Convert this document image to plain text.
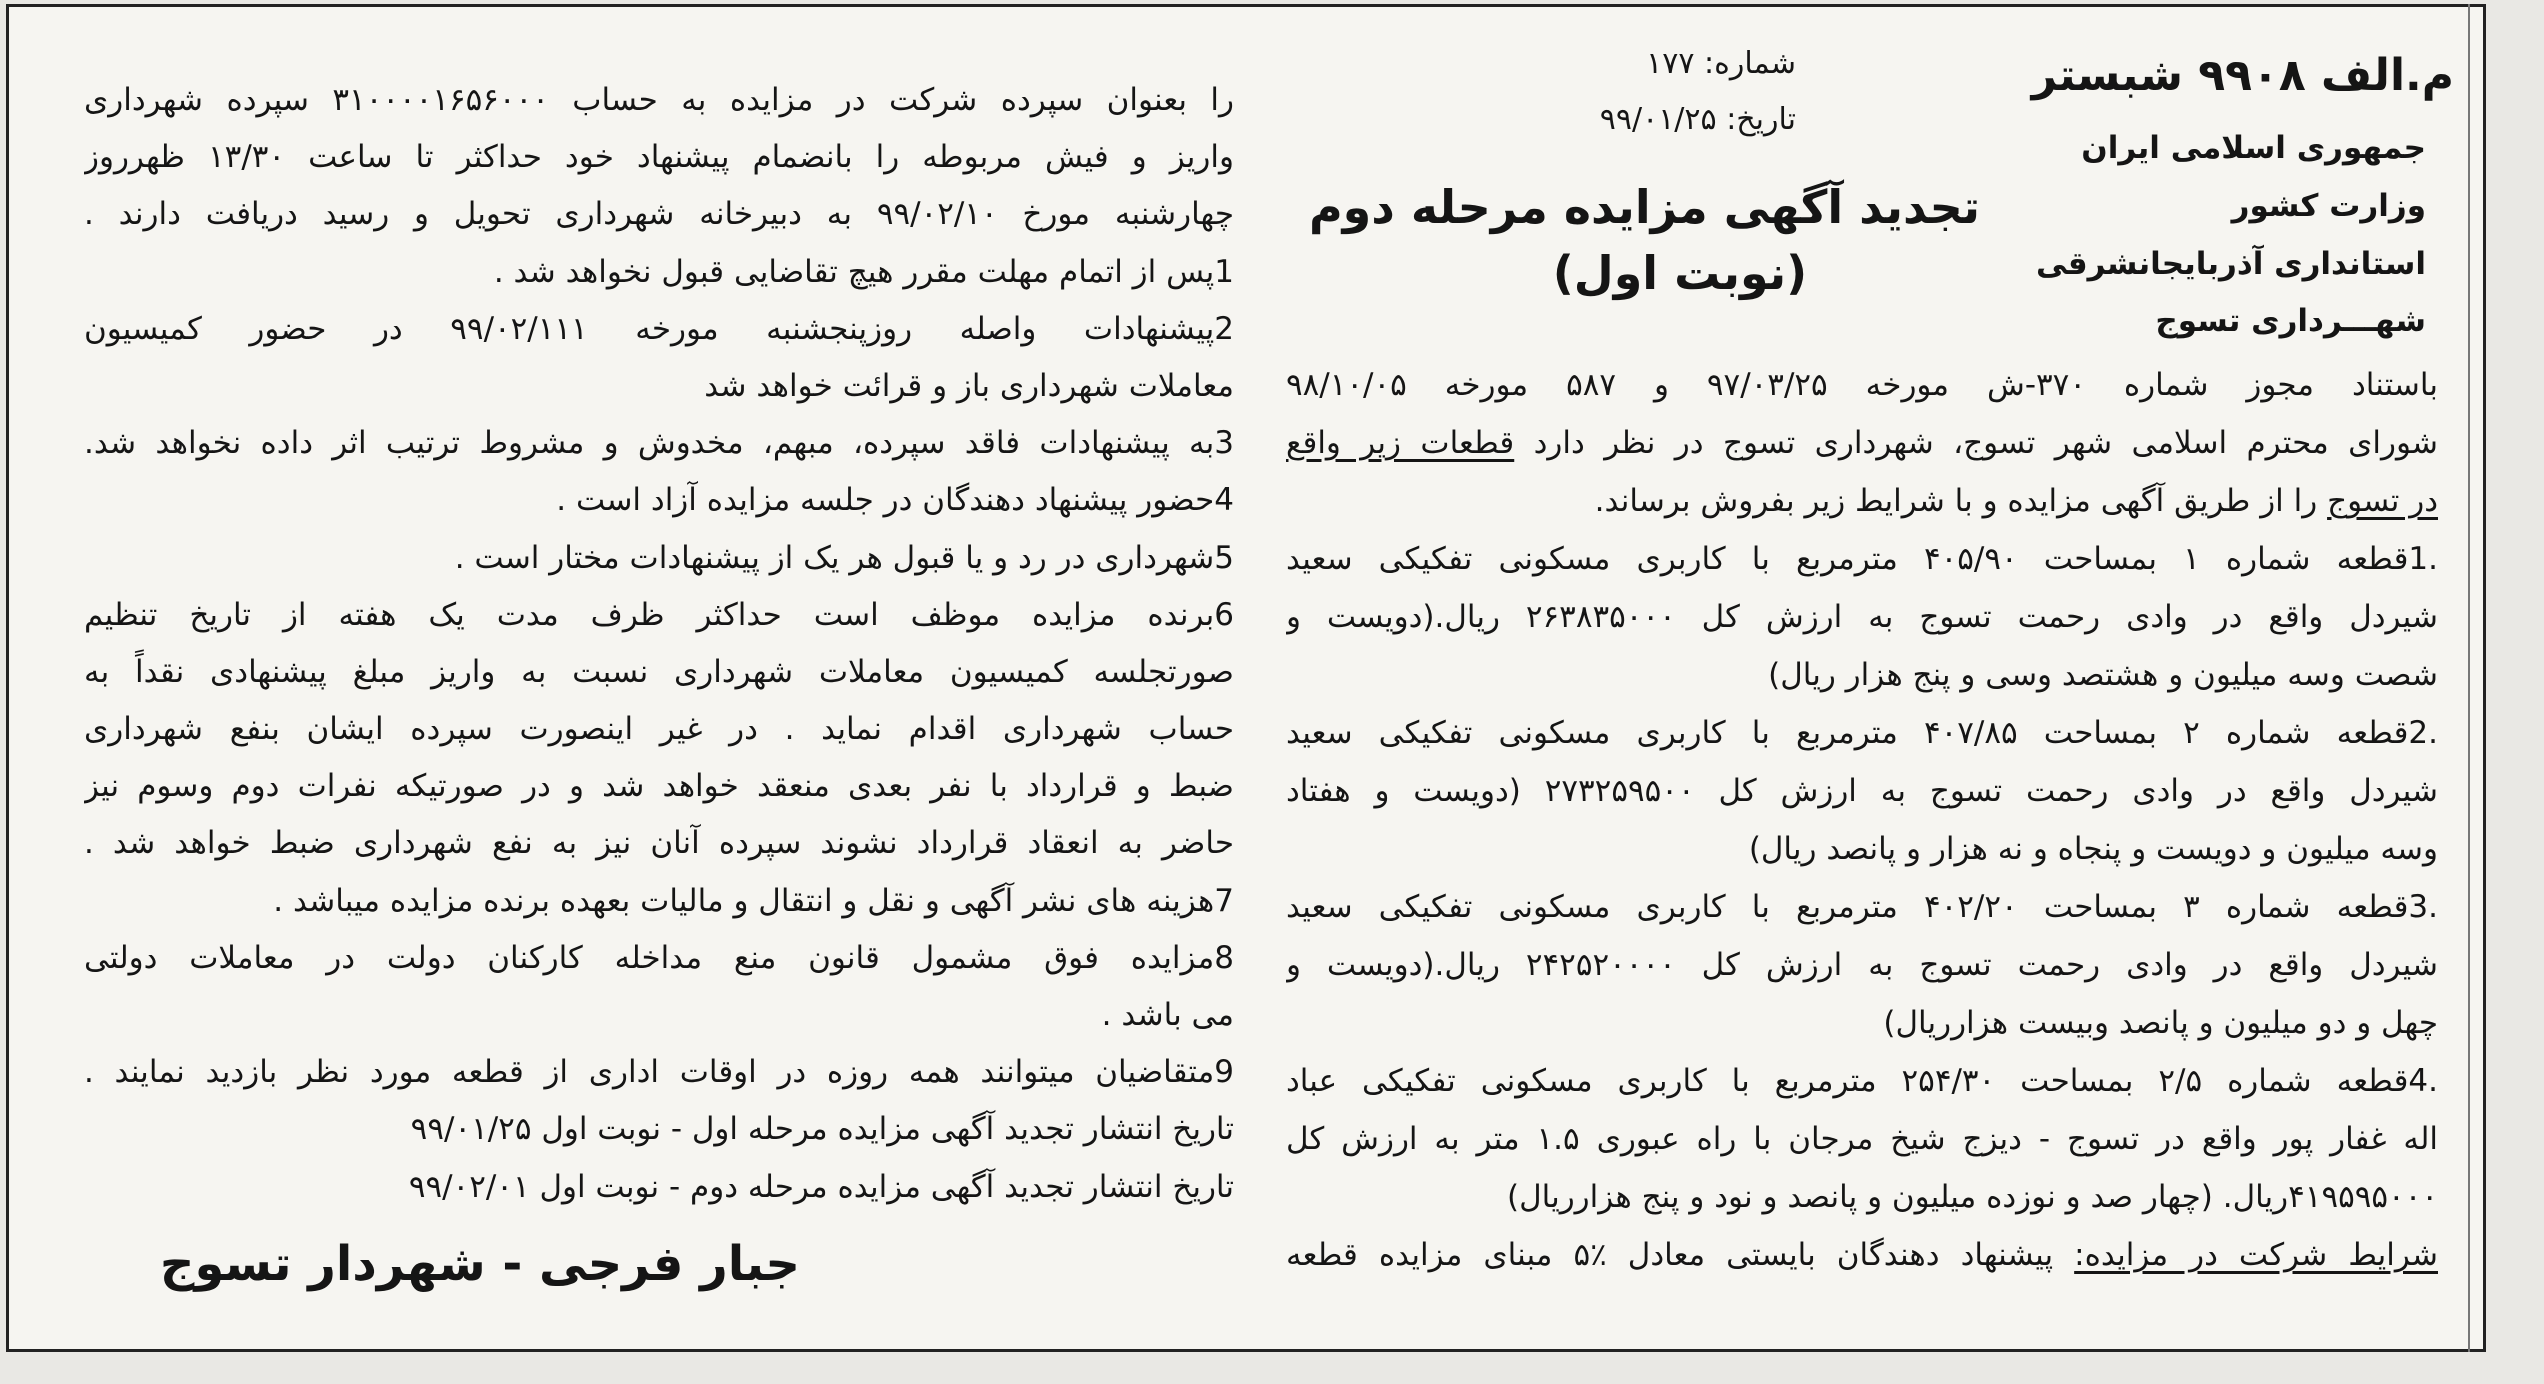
م.الف ۹۹۰۸ شبستر
شماره: ۱۷۷
تاریخ: ۹۹/۰۱/۲۵
جمهوری اسلامی ایران
وزارت کشور
استانداری آذربایجانشرقی
شهـــرداری تسوج
تجدید آگهی مزایده مرحله دوم
(نوبت اول)
باستناد مجوز شماره ۳۷۰-ش مورخه ۹۷/۰۳/۲۵ و ۵۸۷ مورخه ۹۸/۱۰/۰۵
شورای محترم اسلامی شهر تسوج، شهرداری تسوج در نظر دارد قطعات زیر واقع
در تسوج را از طریق آگهی مزایده و با شرایط زیر بفروش برساند.
.1قطعه شماره ۱ بمساحت ۴۰۵/۹۰ مترمربع با کاربری مسکونی تفکیکی سعید
شیردل واقع در وادی رحمت تسوج به ارزش کل ۲۶۳۸۳۵۰۰۰ ریال.(دویست و
شصت وسه میلیون و هشتصد وسی و پنج هزار ریال)
.2قطعه شماره ۲ بمساحت ۴۰۷/۸۵ مترمربع با کاربری مسکونی تفکیکی سعید
شیردل واقع در وادی رحمت تسوج به ارزش کل ۲۷۳۲۵۹۵۰۰ (دویست و هفتاد
وسه میلیون و دویست و پنجاه و نه هزار و پانصد ریال)
.3قطعه شماره ۳ بمساحت ۴۰۲/۲۰ مترمربع با کاربری مسکونی تفکیکی سعید
شیردل واقع در وادی رحمت تسوج به ارزش کل ۲۴۲۵۲۰۰۰۰ ریال.(دویست و
چهل و دو میلیون و پانصد وبیست هزارریال)
.4قطعه شماره ۲/۵ بمساحت ۲۵۴/۳۰ مترمربع با کاربری مسکونی تفکیکی عباد
اله غفار پور واقع در تسوج - دیزج شیخ مرجان با راه عبوری ۱.۵ متر به ارزش کل
۴۱۹۵۹۵۰۰۰ریال. (چهار صد و نوزده میلیون و پانصد و نود و پنج هزارریال)
شرایط شرکت در مزایده: پیشنهاد دهندگان بایستی معادل ٪۵ مبنای مزایده قطعه
را بعنوان سپرده شرکت در مزایده به حساب ۳۱۰۰۰۰۱۶۵۶۰۰۰ سپرده شهرداری
واریز و فیش مربوطه را بانضمام پیشنهاد خود حداکثر تا ساعت ۱۳/۳۰ ظهرروز
چهارشنبه مورخ ۹۹/۰۲/۱۰ به دبیرخانه شهرداری تحویل و رسید دریافت دارند .
1پس از اتمام مهلت مقرر هیچ تقاضایی قبول نخواهد شد .
2پیشنهادات واصله روزپنجشنبه مورخه ۹۹/۰۲/۱۱۱ در حضور کمیسیون
معاملات شهرداری باز و قرائت خواهد شد
3به پیشنهادات فاقد سپرده، مبهم، مخدوش و مشروط ترتیب اثر داده نخواهد شد.
4حضور پیشنهاد دهندگان در جلسه مزایده آزاد است .
5شهرداری در رد و یا قبول هر یک از پیشنهادات مختار است .
6برنده مزایده موظف است حداکثر ظرف مدت یک هفته از تاریخ تنظیم
صورتجلسه کمیسیون معاملات شهرداری نسبت به واریز مبلغ پیشنهادی نقداً به
حساب شهرداری اقدام نماید . در غیر اینصورت سپرده ایشان بنفع شهرداری
ضبط و قرارداد با نفر بعدی منعقد خواهد شد و در صورتیکه نفرات دوم وسوم نیز
حاضر به انعقاد قرارداد نشوند سپرده آنان نیز به نفع شهرداری ضبط خواهد شد .
7هزینه های نشر آگهی و نقل و انتقال و مالیات بعهده برنده مزایده میباشد .
8مزایده فوق مشمول قانون منع مداخله کارکنان دولت در معاملات دولتی
می باشد .
9متقاضیان میتوانند همه روزه در اوقات اداری از قطعه مورد نظر بازدید نمایند .
تاریخ انتشار تجدید آگهی مزایده مرحله اول - نوبت اول ۹۹/۰۱/۲۵
تاریخ انتشار تجدید آگهی مزایده مرحله دوم - نوبت اول ۹۹/۰۲/۰۱
جبار فرجی - شهردار تسوج
